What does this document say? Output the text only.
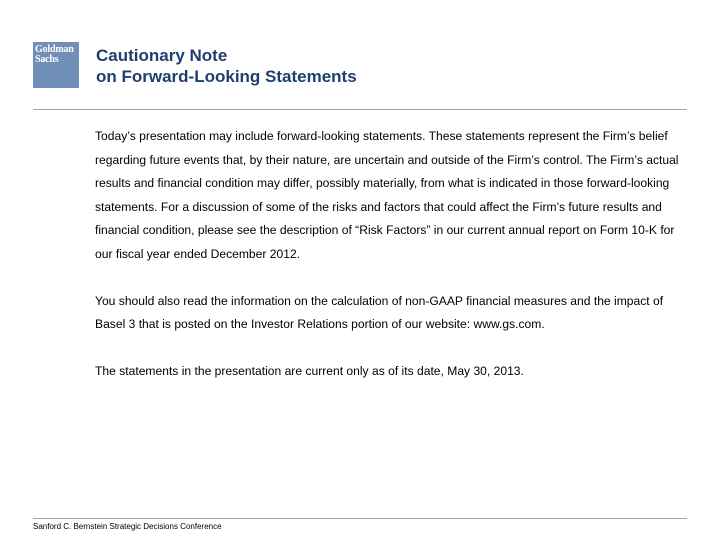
Goldman
Sachs	Cautionary Note
on Forward-Looking Statements

Today’s presentation may include forward-looking statements. These statements represent the Firm’s belief regarding future events that, by their nature, are uncertain and outside of the Firm’s control. The Firm’s actual results and financial condition may differ, possibly materially, from what is indicated in those forward-looking statements. For a discussion of some of the risks and factors that could affect the Firm’s future results and financial condition, please see the description of “Risk Factors” in our current annual report on Form 10-K for our fiscal year ended December 2012.

You should also read the information on the calculation of non-GAAP financial measures and the impact of Basel 3 that is posted on the Investor Relations portion of our website: www.gs.com.

The statements in the presentation are current only as of its date, May 30, 2013.

Sanford C. Bernstein Strategic Decisions Conference
